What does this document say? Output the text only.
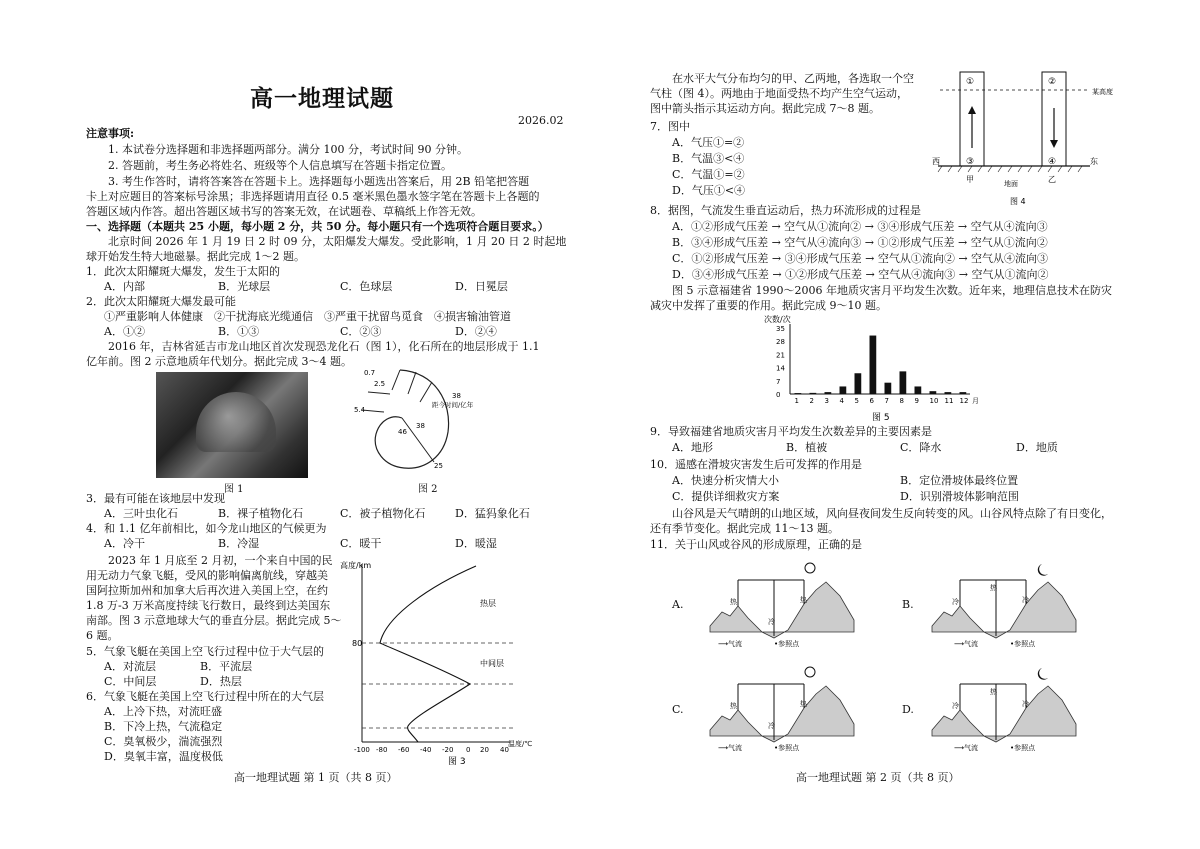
高一地理试题
2026.02
注意事项:
1. 本试卷分选择题和非选择题两部分。满分 100 分，考试时间 90 分钟。
2. 答题前，考生务必将姓名、班级等个人信息填写在答题卡指定位置。
3. 考生作答时，请将答案答在答题卡上。选择题每小题选出答案后，用 2B 铅笔把答题
卡上对应题目的答案标号涂黑；非选择题请用直径 0.5 毫米黑色墨水签字笔在答题卡上各题的
答题区域内作答。超出答题区域书写的答案无效，在试题卷、草稿纸上作答无效。
一、选择题（本题共 25 小题，每小题 2 分，共 50 分。每小题只有一个选项符合题目要求。）
北京时间 2026 年 1 月 19 日 2 时 09 分，太阳爆发大爆发。受此影响，1 月 20 日 2 时起地
球开始发生特大地磁暴。据此完成 1～2 题。
1．此次太阳耀斑大爆发，发生于太阳的
A．内部	B．光球层	C．色球层	D．日冕层
2．此次太阳耀斑大爆发最可能
①严重影响人体健康　②干扰海底光缆通信　③严重干扰留鸟觅食　④损害输油管道
A．①②	B．①③	C．②③	D．②④
2016 年，吉林省延吉市龙山地区首次发现恐龙化石（图 1），化石所在的地层形成于 1.1
亿年前。图 2 示意地质年代划分。据此完成 3～4 题。
图 1
0.7
2.5
5.4
46
38
25
38
距今时间/亿年
图 2
3．最有可能在该地层中发现
A．三叶虫化石	B．裸子植物化石	C．被子植物化石	D．猛犸象化石
4．和 1.1 亿年前相比，如今龙山地区的气候更为
A．冷干	B．冷湿	C．暖干	D．暖湿
2023 年 1 月底至 2 月初，一个来自中国的民
用无动力气象飞艇，受风的影响偏离航线，穿越美
国阿拉斯加州和加拿大后再次进入美国上空，在约
1.8 万-3 万米高度持续飞行数日，最终到达美国东
南部。图 3 示意地球大气的垂直分层。据此完成 5～
6 题。
5．气象飞艇在美国上空飞行过程中位于大气层的
A．对流层	B．平流层
C．中间层	D．热层
6．气象飞艇在美国上空飞行过程中所在的大气层
A．上冷下热，对流旺盛
B．下冷上热，气流稳定
C．臭氧极少，湍流强烈
D．臭氧丰富，温度极低
高度/km
80
热层
中间层
-100 -80 -60 -40 -20 0 20 40
温度/℃
图 3
高一地理试题 第 1 页（共 8 页）
在水平大气分布均匀的甲、乙两地，各选取一个空
气柱（图 4）。两地由于地面受热不均产生空气运动，
图中箭头指示其运动方向。据此完成 7～8 题。
7．图中
A．气压①=②
B．气温③<④
C．气温①=②
D．气压①<④
①	②
③	④
西	东
甲	乙
地面
某高度
图 4
8．据图，气流发生垂直运动后，热力环流形成的过程是
A．①②形成气压差 → 空气从①流向② → ③④形成气压差 → 空气从④流向③
B．③④形成气压差 → 空气从④流向③ → ①②形成气压差 → 空气从①流向②
C．①②形成气压差 → ③④形成气压差 → 空气从①流向② → 空气从④流向③
D．③④形成气压差 → ①②形成气压差 → 空气从④流向③ → 空气从①流向②
图 5 示意福建省 1990～2006 年地质灾害月平均发生次数。近年来，地理信息技术在防灾
减灾中发挥了重要的作用。据此完成 9～10 题。
次数/次
0
7
14
21
28
35
1 2 3 4 5 6 7 8 9 10 11 12 月
图 5
9．导致福建省地质灾害月平均发生次数差异的主要因素是
A．地形	B．植被	C．降水	D．地质
10．遥感在滑坡灾害发生后可发挥的作用是
A．快速分析灾情大小	B．定位滑坡体最终位置
C．提供详细救灾方案	D．识别滑坡体影响范围
山谷风是天气晴朗的山地区域，风向昼夜间发生反向转变的风。山谷风特点除了有日变化，
还有季节变化。据此完成 11～13 题。
11．关于山风或谷风的形成原理，正确的是
A.	热
冷
热
⟶气流	•参照点
B.
热
冷	冷
⟶气流	•参照点
C.	热
冷
热
⟶气流	•参照点
D.
热
冷	冷
⟶气流	•参照点
高一地理试题 第 2 页（共 8 页）
